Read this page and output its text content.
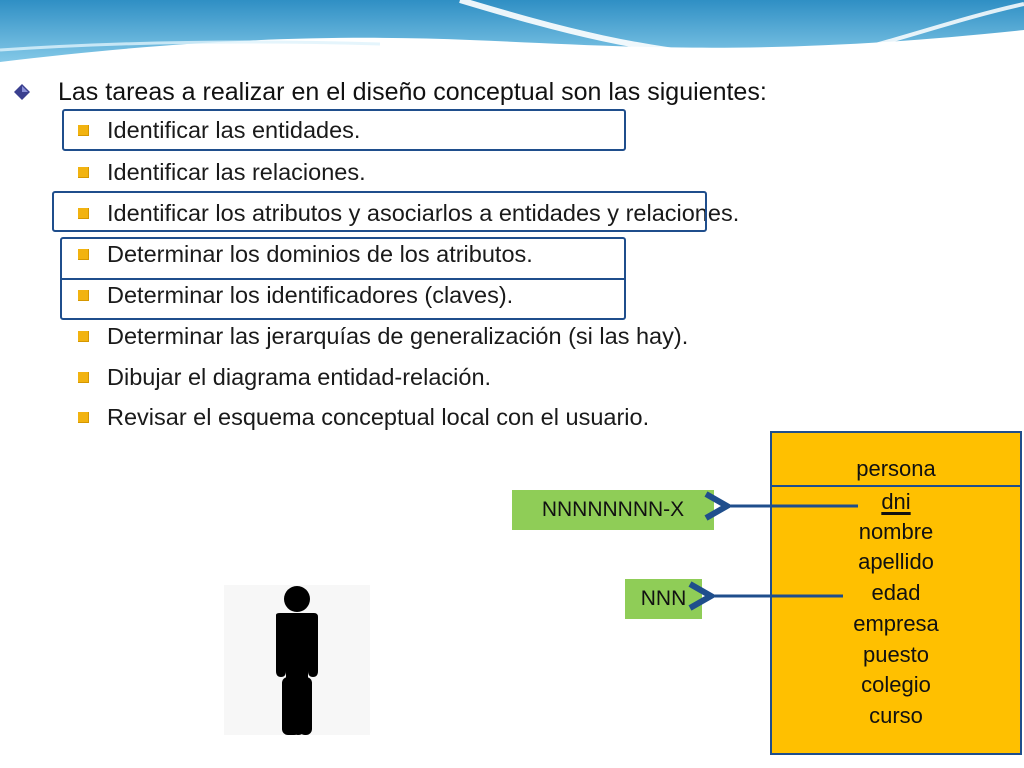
Las tareas a realizar en el diseño conceptual son las siguientes:
Identificar las entidades.
Identificar las relaciones.
Identificar los atributos y asociarlos a entidades y relaciones.
Determinar los dominios de los atributos.
Determinar los identificadores (claves).
Determinar las jerarquías de generalización (si las hay).
Dibujar el diagrama entidad-relación.
Revisar el esquema conceptual local con el usuario.
NNNNNNNN-X
NNN
persona
dni
nombre
apellido
edad
empresa
puesto
colegio
curso
